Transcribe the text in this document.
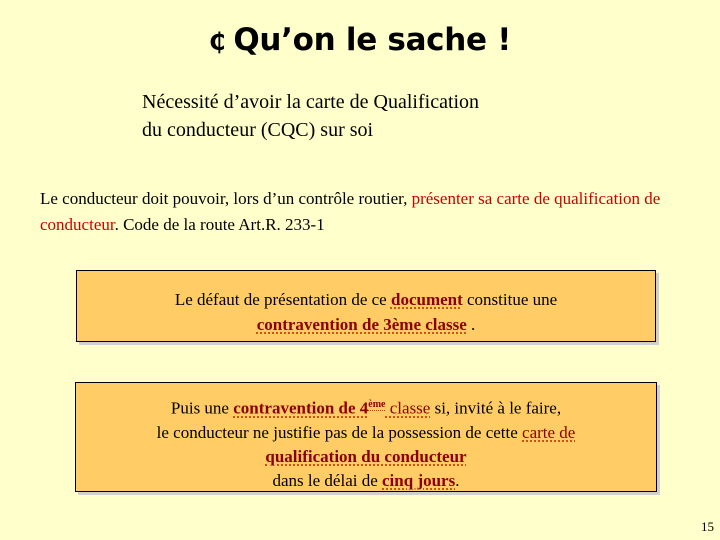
₵ Qu’on le sache !
Nécessité d’avoir la carte de Qualification
du conducteur (CQC) sur soi
Le conducteur doit pouvoir, lors d’un contrôle routier, présenter sa carte de qualification de conducteur. Code de la route Art.R. 233-1
Le défaut de présentation de ce document constitue une
contravention de 3ème classe .
Puis une contravention de 4ème classe si, invité à le faire,
le conducteur ne justifie pas de la possession de cette carte de
qualification du conducteur
dans le délai de cinq jours.
15
